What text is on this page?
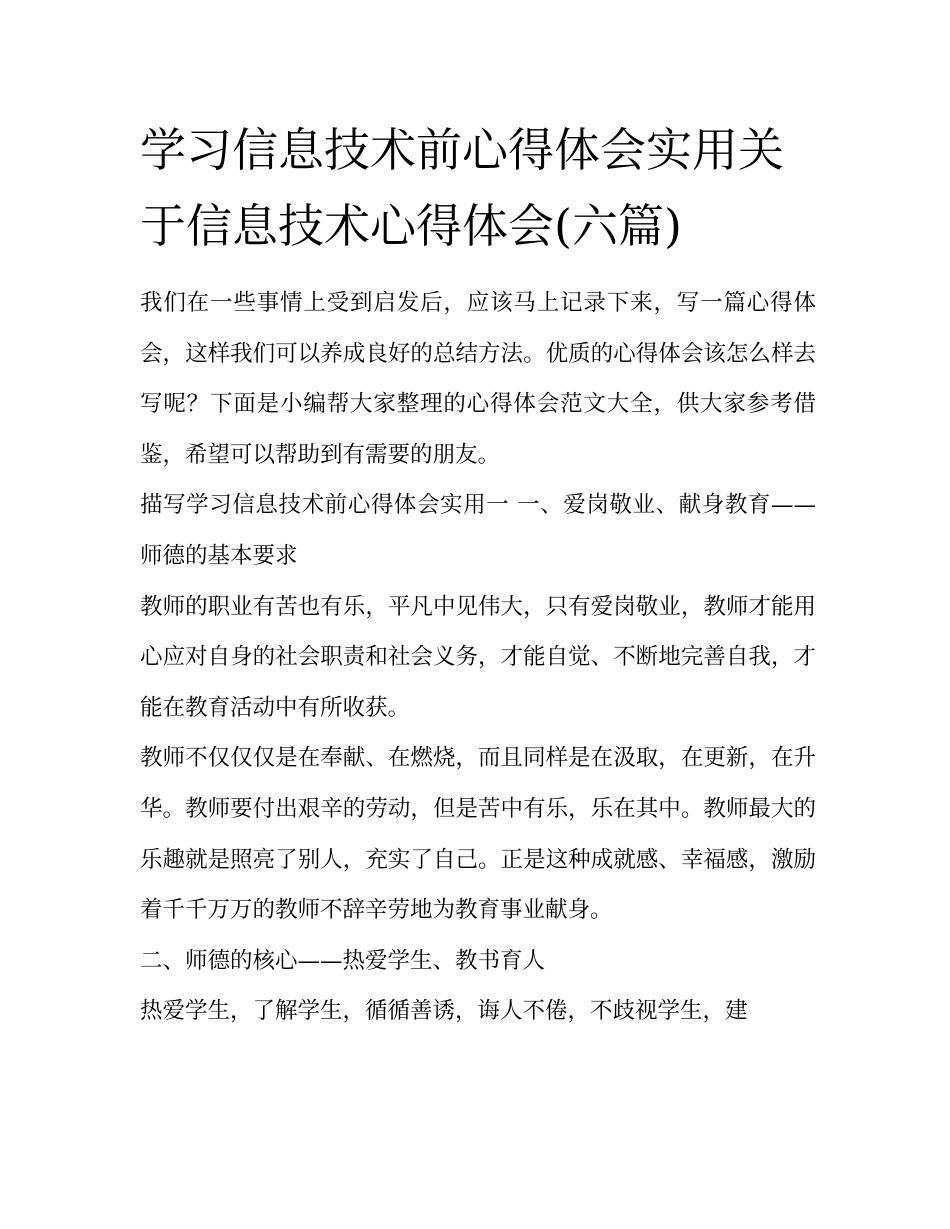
学习信息技术前心得体会实用关于信息技术心得体会(六篇)

我们在一些事情上受到启发后，应该马上记录下来，写一篇心得体会，这样我们可以养成良好的总结方法。优质的心得体会该怎么样去写呢？下面是小编帮大家整理的心得体会范文大全，供大家参考借鉴，希望可以帮助到有需要的朋友。

描写学习信息技术前心得体会实用一 一、爱岗敬业、献身教育——师德的基本要求

教师的职业有苦也有乐，平凡中见伟大，只有爱岗敬业，教师才能用心应对自身的社会职责和社会义务，才能自觉、不断地完善自我，才能在教育活动中有所收获。

教师不仅仅仅是在奉献、在燃烧，而且同样是在汲取，在更新，在升华。教师要付出艰辛的劳动，但是苦中有乐，乐在其中。教师最大的乐趣就是照亮了别人，充实了自己。正是这种成就感、幸福感，激励着千千万万的教师不辞辛劳地为教育事业献身。

二、师德的核心——热爱学生、教书育人

热爱学生，了解学生，循循善诱，诲人不倦，不歧视学生，建
